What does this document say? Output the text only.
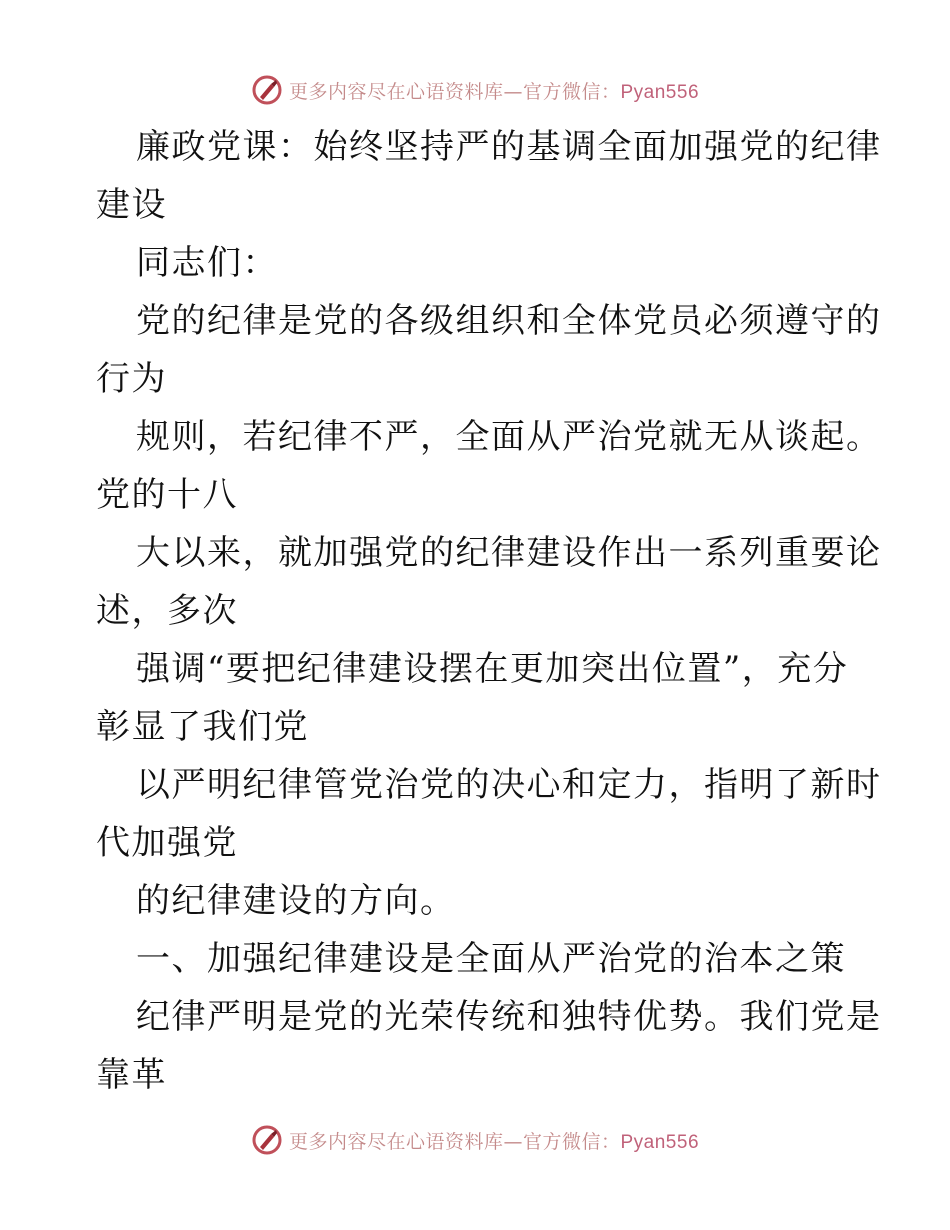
更多内容尽在心语资料库—官方微信：Pyan556
廉政党课：始终坚持严的基调全面加强党的纪律
建设
同志们：
党的纪律是党的各级组织和全体党员必须遵守的
行为
规则，若纪律不严，全面从严治党就无从谈起。
党的十八
大以来，就加强党的纪律建设作出一系列重要论
述，多次
强调“要把纪律建设摆在更加突出位置”，充分
彰显了我们党
以严明纪律管党治党的决心和定力，指明了新时
代加强党
的纪律建设的方向。
一、加强纪律建设是全面从严治党的治本之策
纪律严明是党的光荣传统和独特优势。我们党是
靠革
更多内容尽在心语资料库—官方微信：Pyan556
